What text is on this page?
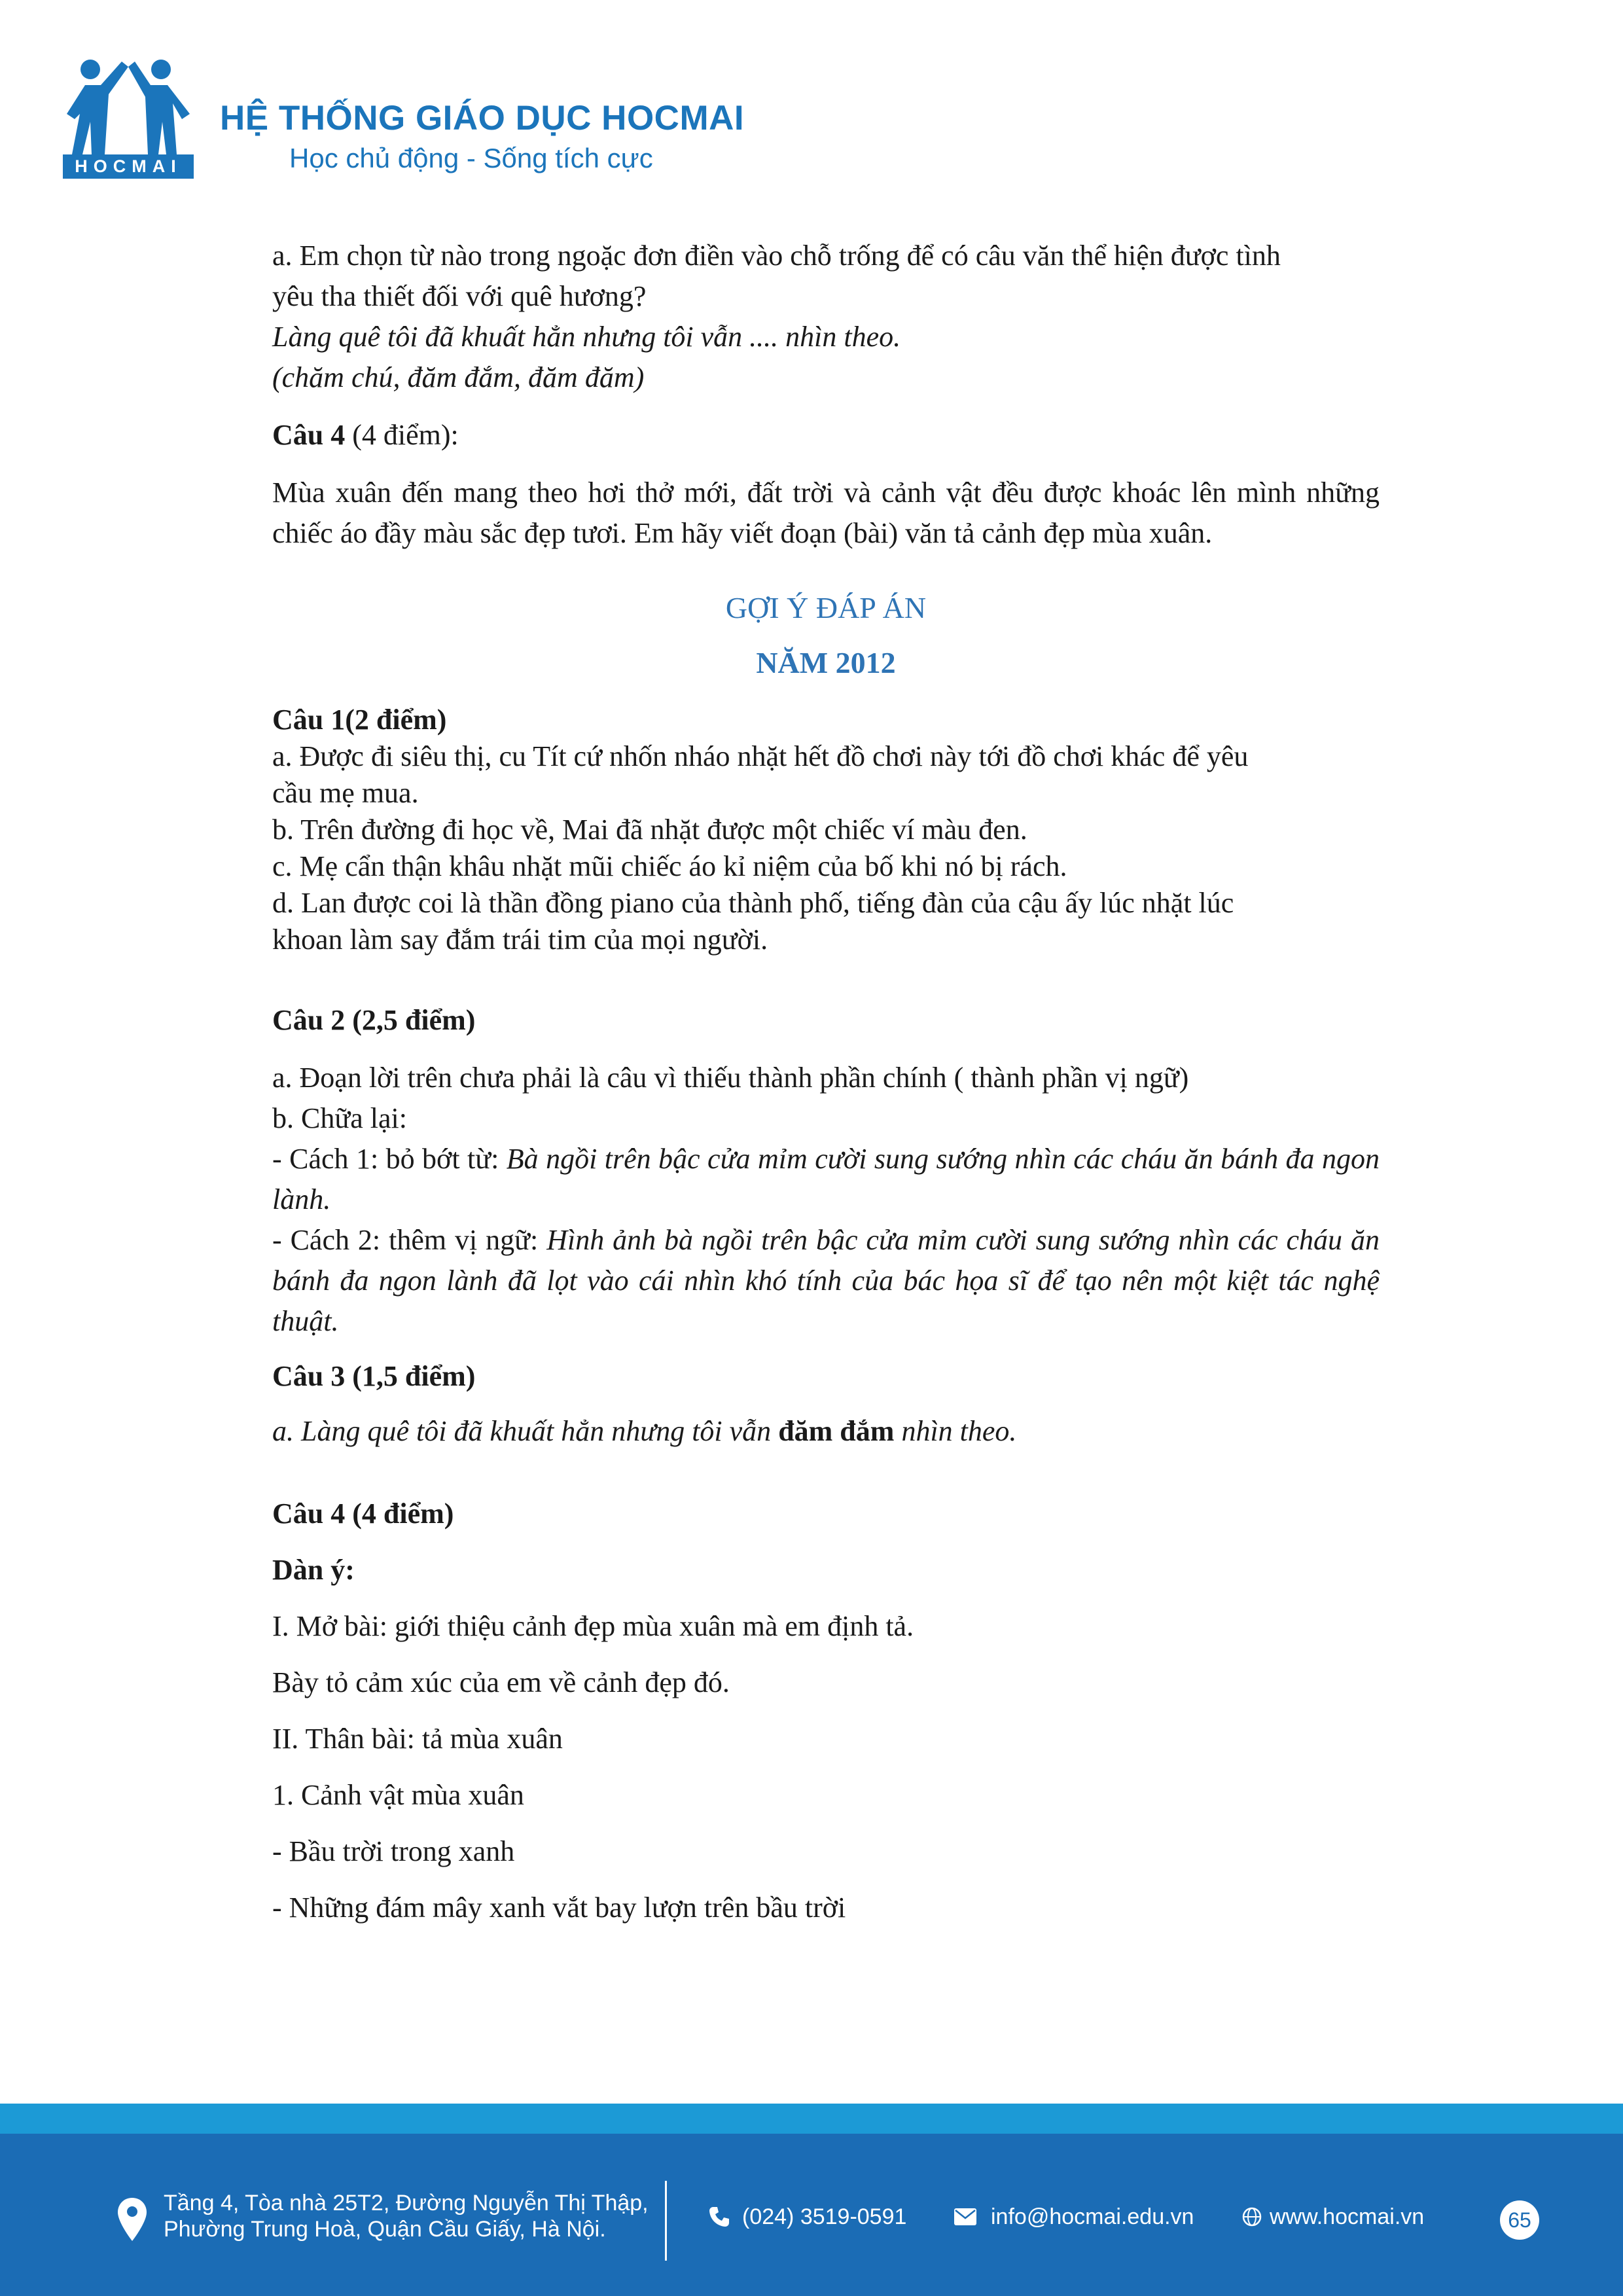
HOCMAI
HỆ THỐNG GIÁO DỤC HOCMAI
Học chủ động - Sống tích cực

a. Em chọn từ nào trong ngoặc đơn điền vào chỗ trống để có câu văn thể hiện được tình

yêu tha thiết đối với quê hương?

Làng quê tôi đã khuất hẳn nhưng tôi vẫn .... nhìn theo.

(chăm chú, đăm đắm, đăm đăm)

Câu 4 (4 điểm):

Mùa xuân đến mang theo hơi thở mới, đất trời và cảnh vật đều được khoác lên mình những chiếc áo đầy màu sắc đẹp tươi. Em hãy viết đoạn (bài) văn tả cảnh đẹp mùa xuân.

GỢI Ý ĐÁP ÁN

NĂM 2012

Câu 1(2 điểm)

a. Được đi siêu thị, cu Tít cứ nhốn nháo nhặt hết đồ chơi này tới đồ chơi khác để yêu

cầu mẹ mua.

b. Trên đường đi học về, Mai đã nhặt được một chiếc ví màu đen.

c. Mẹ cẩn thận khâu nhặt mũi chiếc áo kỉ niệm của bố khi nó bị rách.

d. Lan được coi là thần đồng piano của thành phố, tiếng đàn của cậu ấy lúc nhặt lúc

khoan làm say đắm trái tim của mọi người.

Câu 2 (2,5 điểm)

a. Đoạn lời trên chưa phải là câu vì thiếu thành phần chính ( thành phần vị ngữ)

b. Chữa lại:

- Cách 1: bỏ bớt từ: Bà ngồi trên bậc cửa mỉm cười sung sướng nhìn các cháu ăn bánh đa ngon lành.

- Cách 2: thêm vị ngữ: Hình ảnh bà ngồi trên bậc cửa mỉm cười sung sướng nhìn các cháu ăn bánh đa ngon lành đã lọt vào cái nhìn khó tính của bác họa sĩ để tạo nên một kiệt tác nghệ thuật.

Câu 3 (1,5 điểm)

a. Làng quê tôi đã khuất hẳn nhưng tôi vẫn đăm đắm nhìn theo.

Câu 4 (4 điểm)

Dàn ý:

I. Mở bài: giới thiệu cảnh đẹp mùa xuân mà em định tả.

Bày tỏ cảm xúc của em về cảnh đẹp đó.

II. Thân bài: tả mùa xuân

1. Cảnh vật mùa xuân

- Bầu trời trong xanh

- Những đám mây xanh vắt bay lượn trên bầu trời

Tầng 4, Tòa nhà 25T2, Đường Nguyễn Thị Thập,
Phường Trung Hoà, Quận Cầu Giấy, Hà Nội.	(024) 3519-0591	info@hocmai.edu.vn	www.hocmai.vn	65
